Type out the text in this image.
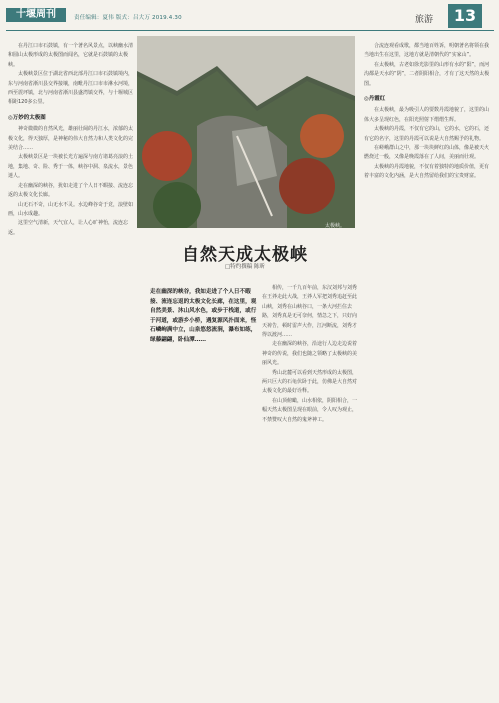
十堰周刊	责任编辑：夏伟 版式：吕大万 2019.4.30	旅游	13

在丹江口市石鼓镇，有一个著名风景点，以峡幽水清和圆山太极形成的太极图而闻名，它就是石鼓镇的太极峡。

太极峡景区位于湖北省西北部丹江口市石鼓镇境内，东与河南省淅川县交界接壤，南毗丹江口市市淋水河境，西至震坪镇，北与河南省淅川县盛湾镇交界，与十堰城区相距120多公里。

◎万妙的太极图

神奇微微的自然风光，雄丽壮阔的丹江水，浓郁的太极文化，得天独厚，是神秘的伟大自然力和人类文化的完美结合……

太极峡景区是一块被长光方遍深与南方诸葛亮浪的土地，集地、奇、险、秀于一体，峡谷中洞、泉流水，景色迷人。

走在幽深的峡谷，犹如走进了个人日不暇接、流连忘返的太极文化长廊。

山无石不奇，山无水不灵。水边峰谷奇于竞，浪壁如画，山水成趣。

这里空气清新，天气宜人，让人心旷神怡，流连忘返。

太极峡。
自然天成太极峡
□特约撰稿 陈昕
走在幽深的峡谷，我如走进了个人日不暇接、流连忘返的太极文化长廊，在这里，观自然美景、沐山风水色，或步于栈道，或行于河道，或游乡小桥，遇复源风扑面来，怪石嶙峋满中立，山泉悠悠流涧，瀑布如练，绿藤翩翩，卧仙潭……

相传，一千九百年前，东汉刘邦与刘秀在王莽走此大战，王莽人军把刘秀追赶至此山峡，刘秀在山峡谷口，一条大河拦住去路，刘秀真是无可奈何，情急之下，只好向天祷告，顿时雷声大作，江河断流，刘秀才得以渡河……

走在幽深的峡谷，沿途行人边走边说着神奇的传说，我们也随之领略了太极峡的美丽风光。

秀山北麓可以看到天然形成的太极图，两只巨大的石龟伏卧于此，仿佛是大自然对太极文化的最好诠释。

在山顶俯瞰，山水相依，阴阳相合，一幅天然太极图呈现在眼前，令人叹为观止，不禁赞叹大自然的鬼斧神工。

合流连观看成歌，都当地百姓诉，明朝著名将领在我当地出生在这里，这地方就是清朝代的“实家山”。

在太极峡，古老如徐光影里的山形有水的“阳”，而河沟都是天水的“阴”，二者阴阳相合，才有了这天然的太极图。

◎丹霞红

在太极峡，最为吸引人的要数丹霞地貌了，这里的山体大多呈现红色，在阳光照射下熠熠生辉。

太极峡的丹霞，不仅有它的山，它的水，它的石，还有它的名字，这里的丹霞可以说是大自然赐予的礼物。

在嵯峨群山之中，那一块块鲜红的山体，像是被天火燃烧过一般，又像是晚霞落在了人间，美丽而壮观。

太极峡的丹霞地貌，不仅有着独特的地质价值，更有着丰富的文化内涵，是大自然留给我们的宝贵财富。
